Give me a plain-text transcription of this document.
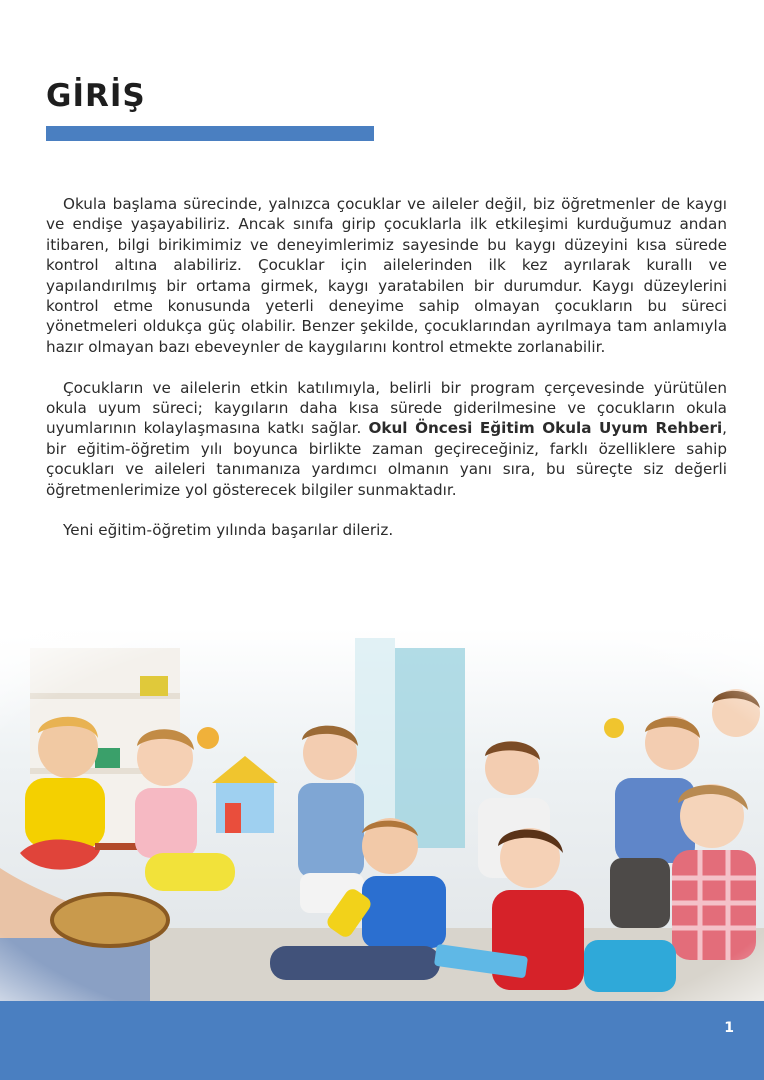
GİRİŞ

Okula başlama sürecinde, yalnızca çocuklar ve aileler değil, biz öğretmenler de kaygı ve endişe yaşayabiliriz. Ancak sınıfa girip çocuklarla ilk etkileşimi kurduğumuz andan itibaren, bilgi birikimimiz ve deneyimlerimiz sayesinde bu kaygı düzeyini kısa sürede kontrol altına alabiliriz. Çocuklar için ailelerinden ilk kez ayrılarak kurallı ve yapılandırılmış bir ortama girmek, kaygı yaratabilen bir durumdur. Kaygı düzeylerini kontrol etme konusunda yeterli deneyime sahip olmayan çocukların bu süreci yönetmeleri oldukça güç olabilir. Benzer şekilde, çocuklarından ayrılmaya tam anlamıyla hazır olmayan bazı ebeveynler de kaygılarını kontrol etmekte zorlanabilir.

Çocukların ve ailelerin etkin katılımıyla, belirli bir program çerçevesinde yürütülen okula uyum süreci; kaygıların daha kısa sürede giderilmesine ve çocukların okula uyumlarının kolaylaşmasına katkı sağlar. Okul Öncesi Eğitim Okula Uyum Rehberi, bir eğitim-öğretim yılı boyunca birlikte zaman geçireceğiniz, farklı özelliklere sahip çocukları ve aileleri tanımanıza yardımcı olmanın yanı sıra, bu süreçte siz değerli öğretmenlerimize yol gösterecek bilgiler sunmaktadır.

Yeni eğitim-öğretim yılında başarılar dileriz.

1
